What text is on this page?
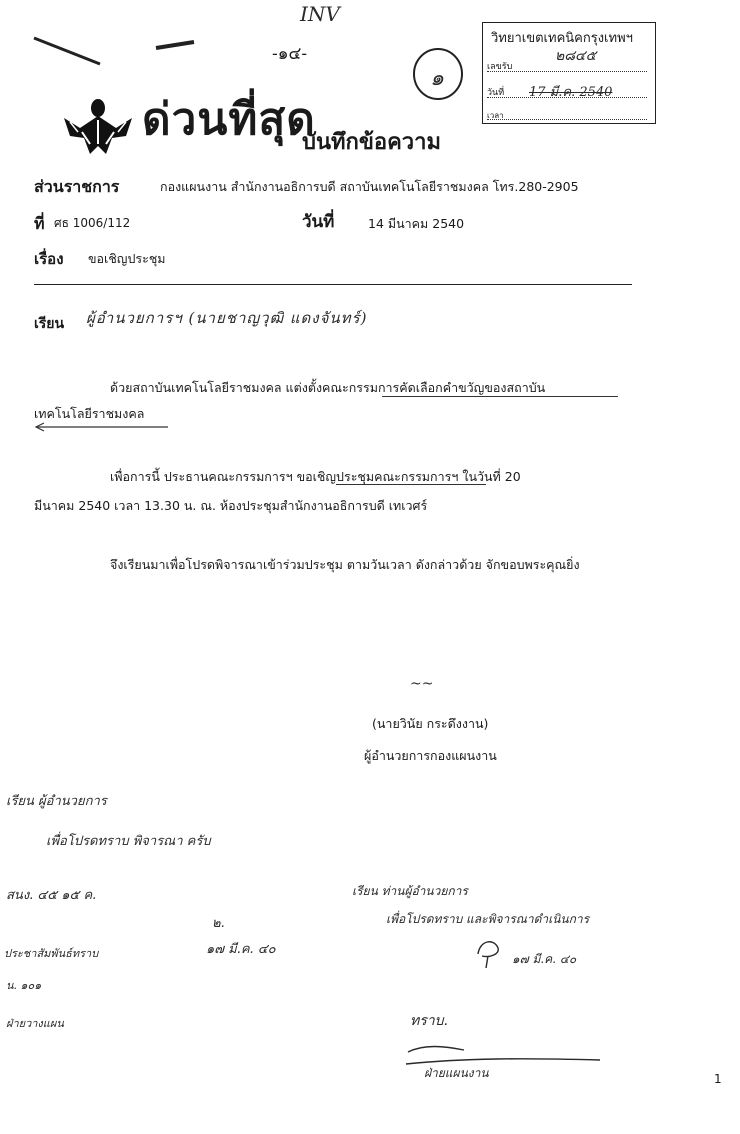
INV
-๑๔-
๑
วิทยาเขตเทคนิคกรุงเทพฯ
เลขรับ
๒๘๔๕
วันที่ 17 มี.ค. 2540
เวลา
ด่วนที่สุด
บันทึกข้อความ
ส่วนราชการ	กองแผนงาน สำนักงานอธิการบดี สถาบันเทคโนโลยีราชมงคล โทร.280-2905
ที่ ศธ 1006/112	วันที่	14 มีนาคม 2540
เรื่อง ขอเชิญประชุม
เรียน ผู้อำนวยการฯ (นายชาญวุฒิ แดงจันทร์)
ด้วยสถาบันเทคโนโลยีราชมงคล แต่งตั้งคณะกรรมการคัดเลือกคำขวัญของสถาบัน
เทคโนโลยีราชมงคล
เพื่อการนี้ ประธานคณะกรรมการฯ ขอเชิญประชุมคณะกรรมการฯ ในวันที่ 20
มีนาคม 2540 เวลา 13.30 น. ณ. ห้องประชุมสำนักงานอธิการบดี เทเวศร์
จึงเรียนมาเพื่อโปรดพิจารณาเข้าร่วมประชุม ตามวันเวลา ดังกล่าวด้วย จักขอบพระคุณยิ่ง
~~
(นายวินัย กระดึงงาน)
ผู้อำนวยการกองแผนงาน
เรียน ผู้อำนวยการ
เพื่อโปรดทราบ พิจารณา ครับ
สนง. ๔๕ ๑๕ ค.
๒.
๑๗ มี.ค. ๔๐
ประชาสัมพันธ์ทราบ
น. ๑๐๑
ฝ่ายวางแผน
เรียน ท่านผู้อำนวยการ
เพื่อโปรดทราบ และพิจารณาดำเนินการ
๑๗ มี.ค. ๔๐
ทราบ.
ฝ่ายแผนงาน	1
